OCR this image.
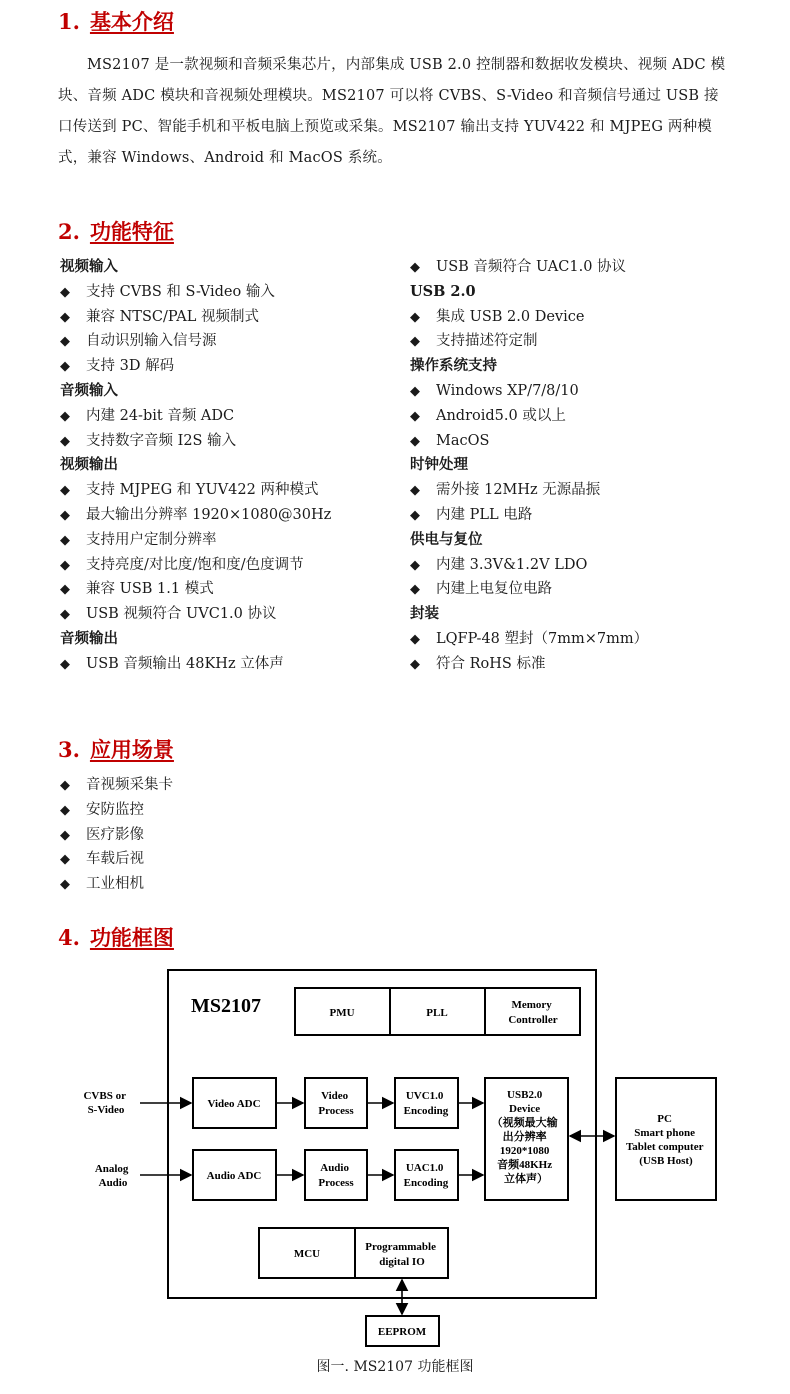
1. 基本介绍

MS2107 是一款视频和音频采集芯片，内部集成 USB 2.0 控制器和数据收发模块、视频 ADC 模块、音频 ADC 模块和音视频处理模块。MS2107 可以将 CVBS、S-Video 和音频信号通过 USB 接口传送到 PC、智能手机和平板电脑上预览或采集。MS2107 输出支持 YUV422 和 MJPEG 两种模式，兼容 Windows、Android 和 MacOS 系统。

2. 功能特征
视频输入
◆支持 CVBS 和 S-Video 输入
◆兼容 NTSC/PAL 视频制式
◆自动识别输入信号源
◆支持 3D 解码
音频输入
◆内建 24-bit 音频 ADC
◆支持数字音频 I2S 输入
视频输出
◆支持 MJPEG 和 YUV422 两种模式
◆最大输出分辨率 1920×1080@30Hz
◆支持用户定制分辨率
◆支持亮度/对比度/饱和度/色度调节
◆兼容 USB 1.1 模式
◆USB 视频符合 UVC1.0 协议
音频输出
◆USB 音频输出 48KHz 立体声
◆USB 音频符合 UAC1.0 协议
USB 2.0
◆集成 USB 2.0 Device
◆支持描述符定制
操作系统支持
◆Windows XP/7/8/10
◆Android5.0 或以上
◆MacOS
时钟处理
◆需外接 12MHz 无源晶振
◆内建 PLL 电路
供电与复位
◆内建 3.3V&1.2V LDO
◆内建上电复位电路
封装
◆LQFP-48 塑封（7mm×7mm）
◆符合 RoHS 标准
3. 应用场景
◆音视频采集卡
◆安防监控
◆医疗影像
◆车载后视
◆工业相机
4. 功能框图
MS2107	PMU	PLL
Memory Controller
CVBS or S-Video
Analog Audio
Video ADC
Video Process
UVC1.0 Encoding
Audio ADC
Audio Process
UAC1.0 Encoding
USB2.0 Device （视频最大输 出分辨率 1920*1080 音频48KHz 立体声）
PC Smart phone Tablet computer (USB Host)
MCU
Programmable digital IO
EEPROM

图一. MS2107 功能框图
